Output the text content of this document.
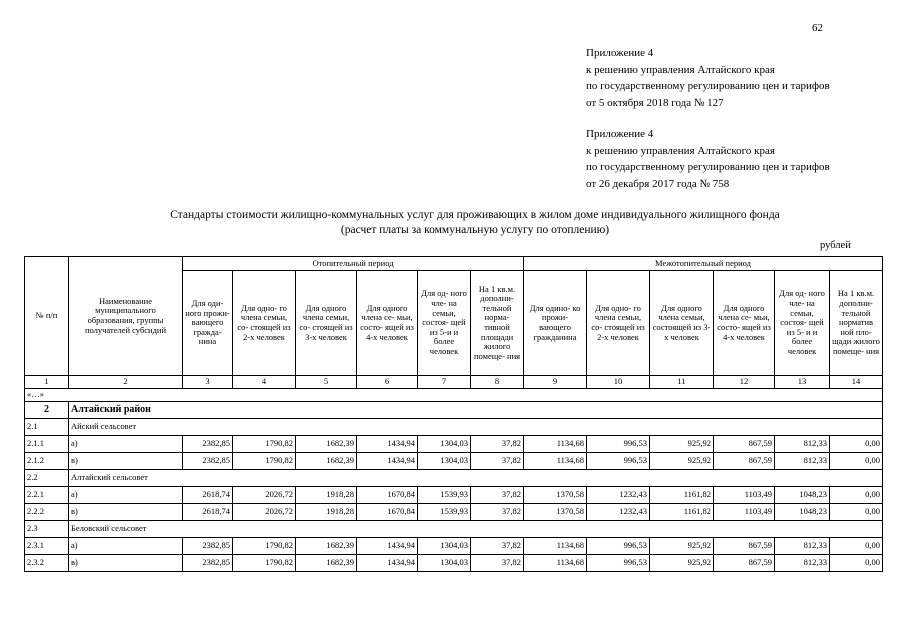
62
Приложение 4
к решению управления Алтайского края
по государственному регулированию цен и тарифов
от 5 октября 2018 года № 127
Приложение 4
к решению управления Алтайского края
по государственному регулированию цен и тарифов
от 26 декабря 2017 года № 758
Стандарты стоимости жилищно-коммунальных услуг для проживающих в жилом доме индивидуального жилищного фонда
(расчет платы за коммунальную услугу по отоплению)
рублей
№ п/п	Наименование муниципального образования, группы получателей субсидий	Отопительный период						Межотопительный период					
		Для оди- ного прожи- вающего гражда- нина	Для одно- го члена семьи, со- стоящей из 2-х человек	Для одного члена семьи, со- стоящей из 3-х человек	Для одного члена се- мьи, состо- ящей из 4-х человек	Для од- ного чле- на семьи, состоя- щей из 5-и и более человек	На 1 кв.м. дополни- тельной норма- тивной площади жилого помеще- ния	Для одино- ко прожи- вающего гражданина	Для одно- го члена семьи, со- стоящей из 2-х человек	Для одного члена семьи, состоящей из 3-х человек	Для одного члена се- мьи, состо- ящей из 4-х человек	Для од- ного чле- на семьи, состоя- щей из 5- и и более человек	На 1 кв.м. дополни- тельной норматив ной пло- щади жилого помеще- ния
1	2	3	4	5	6	7	8	9	10	11	12	13	14
«…»													
2	Алтайский район												
2.1	Айский сельсовет												
2.1.1	а)	2382,85	1790,82	1682,39	1434,94	1304,03	37,82	1134,68	996,53	925,92	867,59	812,33	0,00
2.1.2	в)	2382,85	1790,82	1682,39	1434,94	1304,03	37,82	1134,68	996,53	925,92	867,59	812,33	0,00
2.2	Алтайский сельсовет												
2.2.1	а)	2618,74	2026,72	1918,28	1670,84	1539,93	37,82	1370,58	1232,43	1161,82	1103,49	1048,23	0,00
2.2.2	в)	2618,74	2026,72	1918,28	1670,84	1539,93	37,82	1370,58	1232,43	1161,82	1103,49	1048,23	0,00
2.3	Беловский сельсовет												
2.3.1	а)	2382,85	1790,82	1682,39	1434,94	1304,03	37,82	1134,68	996,53	925,92	867,59	812,33	0,00
2.3.2	в)	2382,85	1790,82	1682,39	1434,94	1304,03	37,82	1134,68	996,53	925,92	867,59	812,33	0,00
